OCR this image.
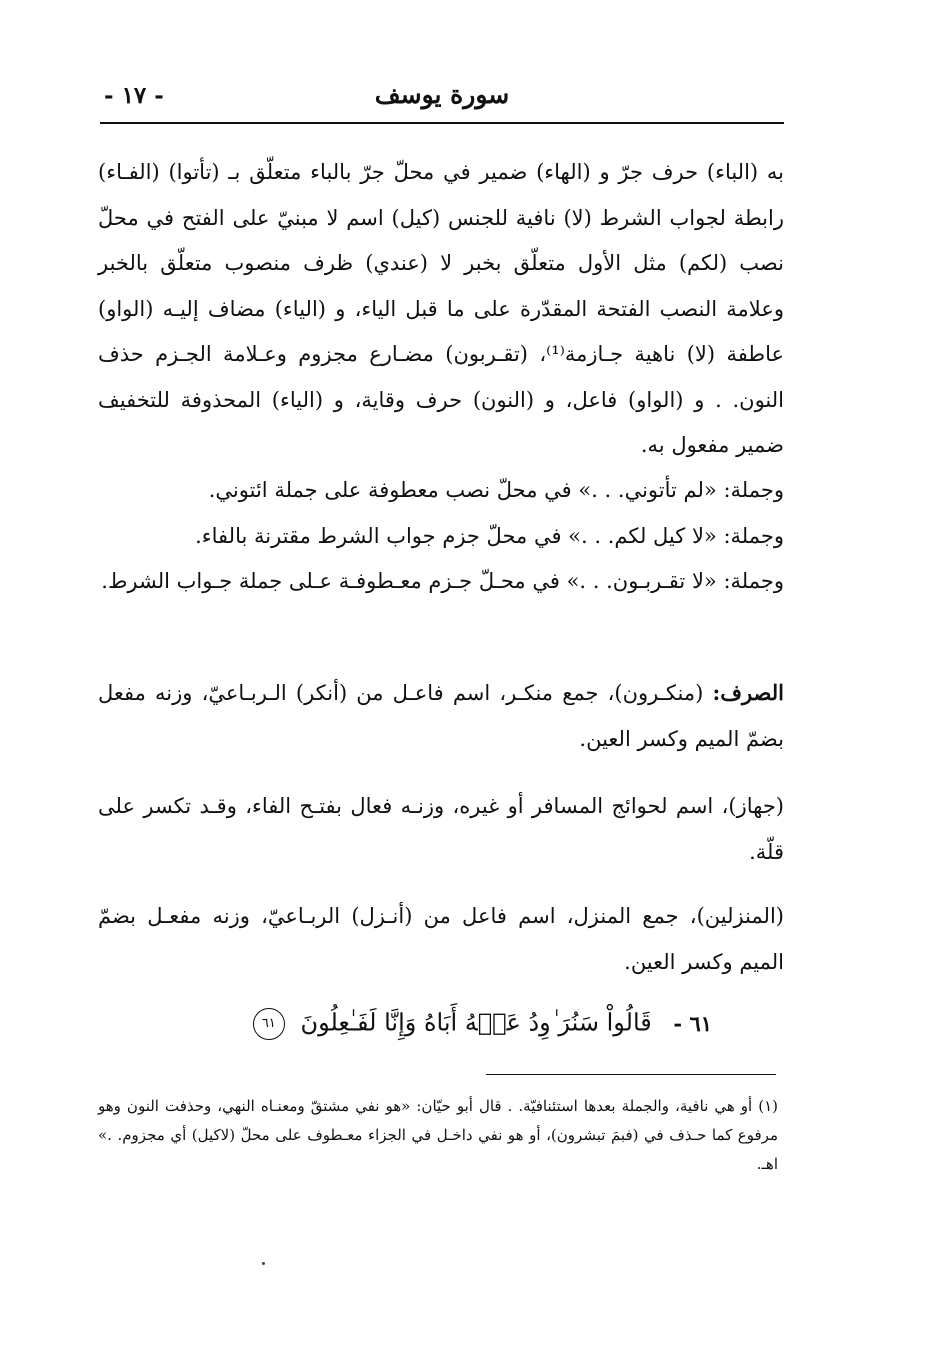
سورة يوسف
- ١٧ -

به (الباء) حرف جرّ و (الهاء) ضمير في محلّ جرّ بالباء متعلّق بـ (تأتوا) (الفـاء) رابطة لجواب الشرط (لا) نافية للجنس (كيل) اسم لا مبنيّ على الفتح في محلّ نصب (لكم) مثل الأول متعلّق بخبر لا (عندي) ظرف منصوب متعلّق بالخبر وعلامة النصب الفتحة المقدّرة على ما قبل الياء، و (الياء) مضاف إليـه (الواو) عاطفة (لا) ناهية جـازمة⁽¹⁾، (تقـربون) مضـارع مجزوم وعـلامة الجـزم حذف النون. . و (الواو) فاعل، و (النون) حرف وقاية، و (الياء) المحذوفة للتخفيف ضمير مفعول به.

وجملة: «لم تأتوني. . .» في محلّ نصب معطوفة على جملة ائتوني.

وجملة: «لا كيل لكم. . .» في محلّ جزم جواب الشرط مقترنة بالفاء.

وجملة: «لا تقـربـون. . .» في محـلّ جـزم معـطوفـة عـلى جملة جـواب الشرط.

الصرف: (منكـرون)، جمع منكـر، اسم فاعـل من (أنكر) الـربـاعيّ، وزنه مفعل بضمّ الميم وكسر العين.

(جهاز)، اسم لحوائج المسافر أو غيره، وزنـه فعال بفتـح الفاء، وقـد تكسر على قلّة.

(المنزلين)، جمع المنزل، اسم فاعل من (أنـزل) الربـاعيّ، وزنه مفعـل بضمّ الميم وكسر العين.

٦١ - قَالُواْ سَنُرَ ٰوِدُ عَنۡهُ أَبَاهُ وَإِنَّا لَفَـٰعِلُونَ ٦١
(١) أو هي نافية، والجملة بعدها استئنافيّة. . قال أبو حيّان: «هو نفي مشتقّ ومعنـاه النهي، وحذفت النون وهو مرفوع كما حـذف في (فبمَ تبشرون)، أو هو نفي داخـل في الجزاء معـطوف على محلّ (لاكيل) أي مجزوم. .» اهـ.
